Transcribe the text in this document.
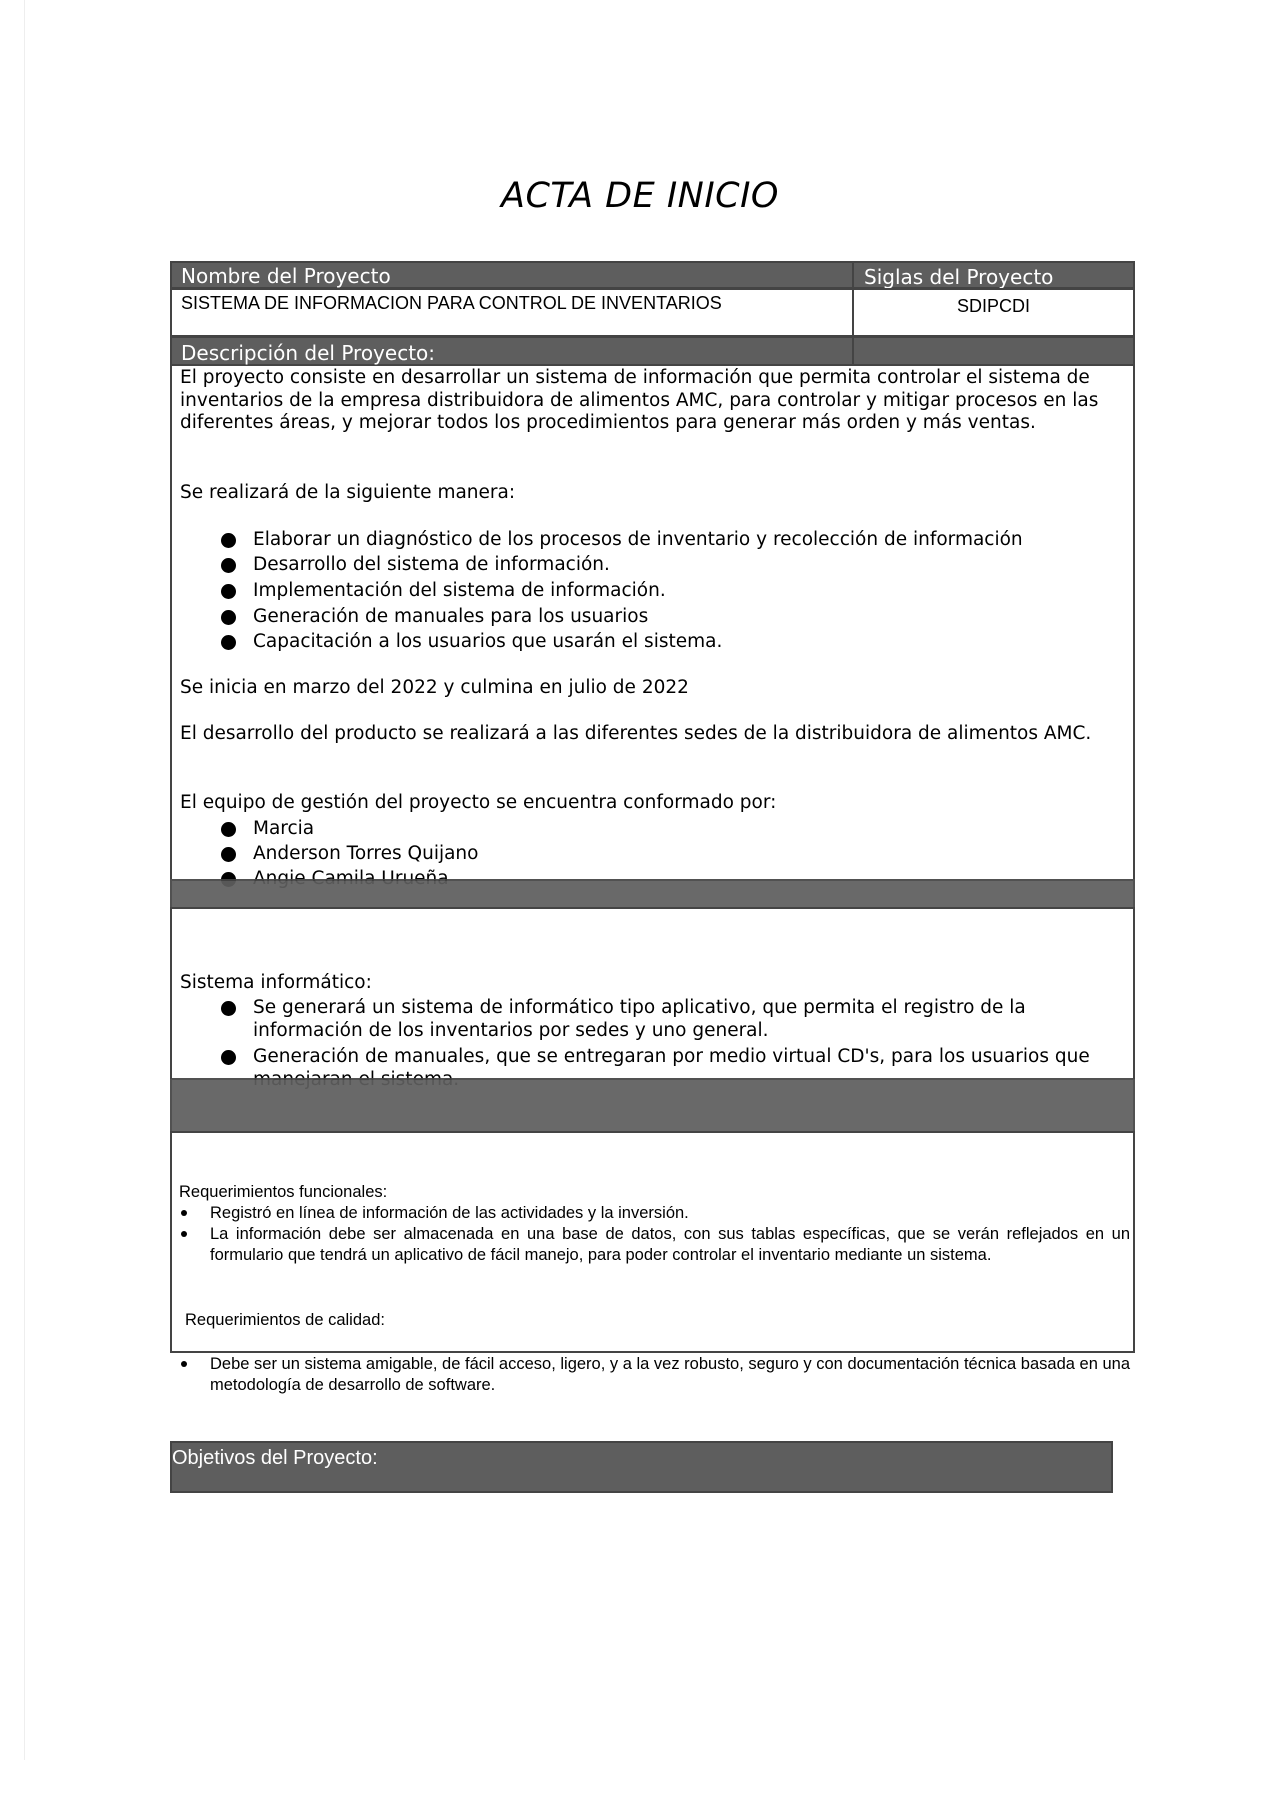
ACTA DE INICIO
Nombre del Proyecto	Siglas del Proyecto
SISTEMA DE INFORMACION PARA CONTROL DE INVENTARIOS	SDIPCDI
Descripción del Proyecto:
El proyecto consiste en desarrollar un sistema de información que permita controlar el sistema de inventarios de la empresa distribuidora de alimentos AMC, para controlar y mitigar procesos en las diferentes áreas, y mejorar todos los procedimientos para generar más orden y más ventas.
Se realizará de la siguiente manera:
Elaborar un diagnóstico de los procesos de inventario y recolección de información
Desarrollo del sistema de información.
Implementación del sistema de información.
Generación de manuales para los usuarios
Capacitación a los usuarios que usarán el sistema.
Se inicia en marzo del 2022 y culmina en julio de 2022
El desarrollo del producto se realizará a las diferentes sedes de la distribuidora de alimentos AMC.
El equipo de gestión del proyecto se encuentra conformado por:
Marcia
Anderson Torres Quijano
Sistema informático:
Se generará un sistema de informático tipo aplicativo, que permita el registro de la información de los inventarios por sedes y uno general.
Generación de manuales, que se entregaran por medio virtual CD's, para los usuarios que
Requerimientos funcionales:
Registró en línea de información de las actividades y la inversión.
La información debe ser almacenada en una base de datos, con sus tablas específicas, que se verán reflejados en un formulario que tendrá un aplicativo de fácil manejo, para poder controlar el inventario mediante un sistema.
Requerimientos de calidad:
Debe ser un sistema amigable, de fácil acceso, ligero, y a la vez robusto, seguro y con documentación técnica basada en una metodología de desarrollo de software.
Objetivos del Proyecto:
